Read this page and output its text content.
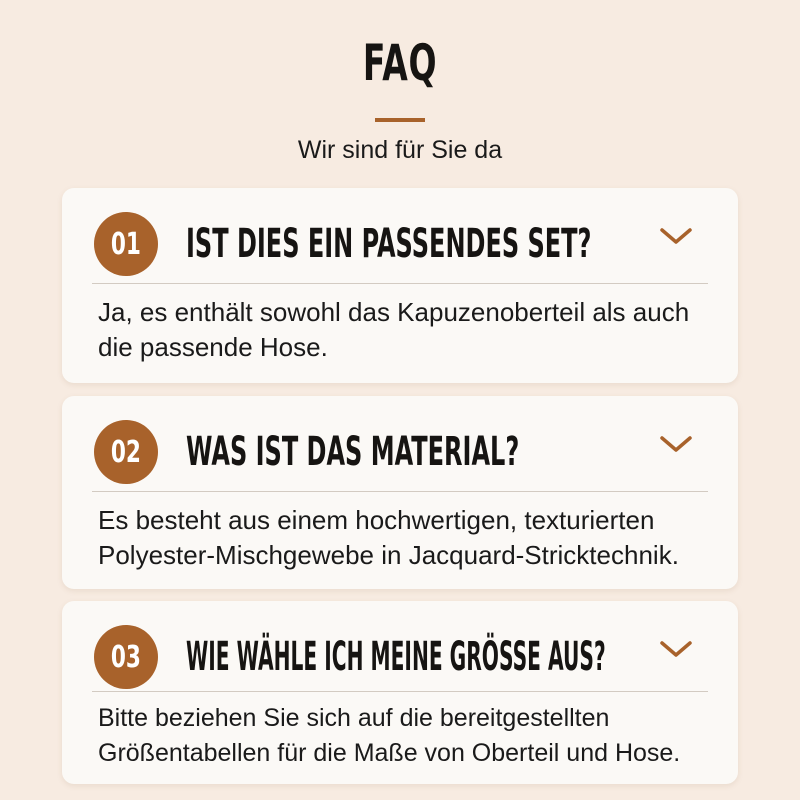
FAQ
Wir sind für Sie da
01 IST DIES EIN PASSENDES SET?
Ja, es enthält sowohl das Kapuzenoberteil als auch die passende Hose.
02 WAS IST DAS MATERIAL?
Es besteht aus einem hochwertigen, texturierten Polyester-Mischgewebe in Jacquard-Stricktechnik.
03 WIE WÄHLE ICH MEINE GRÖSSE AUS?
Bitte beziehen Sie sich auf die bereitgestellten Größentabellen für die Maße von Oberteil und Hose.
